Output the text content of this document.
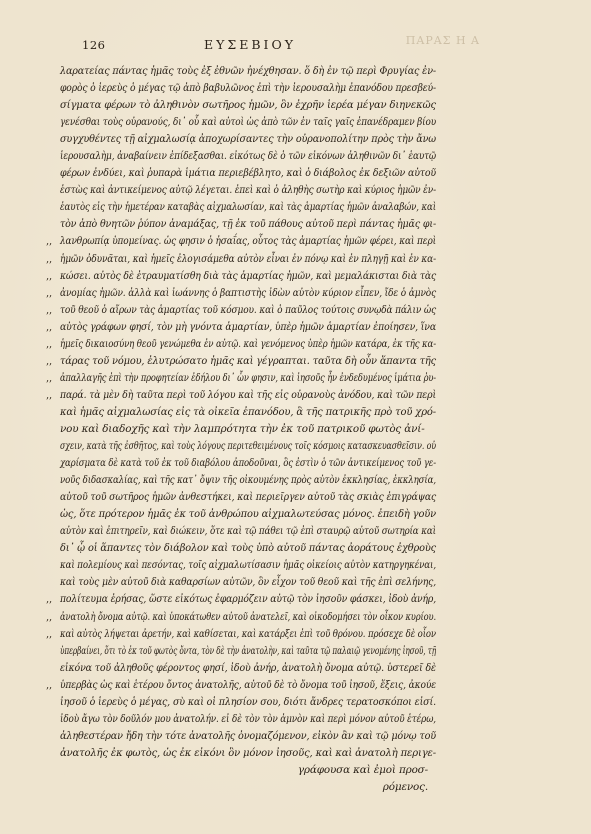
ΠΑΡΑΣ Η Α
126	ΕΥΣΕΒΙΟΥ
λαρατείας πάντας ἡμᾶς τοὺς ἐξ ἐθνῶν ἠνέχθησαν. ὅ δὴ ἐν τῷ περὶ Φρυγίας ἐν-
φορὸς ὁ ἱερεὺς ὁ μέγας τῷ ἀπὸ βαβυλῶνος ἐπὶ τὴν ἱερουσαλὴμ ἐπανόδου πρεσβεύ-
σίγματα φέρων τὸ ἀληθινὸν σωτῆρος ἡμῶν, ὃν ἐχρῆν ἱερέα μέγαν διηνεκῶς
γενέσθαι τοὺς οὐρανούς, δι᾽ οὗ καὶ αὐτοὶ ὡς ἀπὸ τῶν ἐν ταῖς γαῖς ἐπανέδραμεν βίου
συγχυθέντες τῇ αἰχμαλωσίᾳ ἀποχωρίσαντες τὴν οὐρανοπολίτην πρὸς τὴν ἄνω
ἱερουσαλὴμ, ἀναβαίνειν ἐπίδεξασθαι. εἰκότως δὲ ὁ τῶν εἰκόνων ἀληθινῶν δι᾽ ἑαυτῷ
φέρων ἐνδύει, καὶ ῥυπαρὰ ἱμάτια περιεβέβλητο, καὶ ὁ διάβολος ἐκ δεξιῶν αὐτοῦ
ἑστὼς καὶ ἀντικείμενος αὐτῷ λέγεται. ἐπεὶ καὶ ὁ ἀληθὴς σωτὴρ καὶ κύριος ἡμῶν ἐν-
ἑαυτὸς εἰς τὴν ἡμετέραν καταβὰς αἰχμαλωσίαν, καὶ τὰς ἁμαρτίας ἡμῶν ἀναλαβών, καὶ
τὸν ἀπὸ θνητῶν ῥύπον ἀναμάξας, τῇ ἐκ τοῦ πάθους αὐτοῦ περὶ πάντας ἡμᾶς φι-
,, λανθρωπίᾳ ὑπομείνας. ὡς φησιν ὁ ἠσαΐας, οὗτος τὰς ἁμαρτίας ἡμῶν φέρει, καὶ περὶ
,, ἡμῶν ὀδυνᾶται, καὶ ἡμεῖς ἐλογισάμεθα αὐτὸν εἶναι ἐν πόνῳ καὶ ἐν πληγῇ καὶ ἐν κα-
,, κώσει. αὐτὸς δὲ ἐτραυματίσθη διὰ τὰς ἁμαρτίας ἡμῶν, καὶ μεμαλάκισται διὰ τὰς
,, ἀνομίας ἡμῶν. ἀλλὰ καὶ ἰωάννης ὁ βαπτιστὴς ἰδὼν αὐτὸν κύριον εἶπεν, ἴδε ὁ ἀμνὸς
,, τοῦ θεοῦ ὁ αἴρων τὰς ἁμαρτίας τοῦ κόσμου. καὶ ὁ παῦλος τούτοις συνῳδὰ πάλιν ὡς
,, αὐτὸς γράφων φησί, τὸν μὴ γνόντα ἁμαρτίαν, ὑπὲρ ἡμῶν ἁμαρτίαν ἐποίησεν, ἵνα
,, ἡμεῖς δικαιοσύνη θεοῦ γενώμεθα ἐν αὐτῷ. καὶ γενόμενος ὑπὲρ ἡμῶν κατάρα, ἐκ τῆς κα-
,, τάρας τοῦ νόμου, ἐλυτρώσατο ἡμᾶς καὶ γέγραπται. ταῦτα δὴ οὖν ἅπαντα τῆς
,, ἀπαλλαγῆς ἐπὶ τὴν προφητείαν ἐδήλου δι᾽ ὧν φησιν, καὶ ἰησοῦς ἦν ἐνδεδυμένος ἱμάτια ῥυ-
,, παρά. τὰ μὲν δὴ ταῦτα περὶ τοῦ λόγου καὶ τῆς εἰς οὐρανοὺς ἀνόδου, καὶ τῶν περὶ
καὶ ἡμᾶς αἰχμαλωσίας εἰς τὰ οἰκεῖα ἐπανόδου, ἃ τῆς πατρικῆς πρὸ τοῦ χρό-
νου καὶ διαδοχῆς καὶ τὴν λαμπρότητα τὴν ἐκ τοῦ πατρικοῦ φωτὸς ἀνί-
σχειν, κατὰ τῆς ἐσθῆτος, καὶ τοὺς λόγους περιτεθειμένους τοῖς κόσμοις κατασκευασθεῖσιν. οὐ
χαρίσματα δὲ κατὰ τοῦ ἐκ τοῦ διαβόλου ἀποδοῦναι, ὃς ἐστὶν ὁ τῶν ἀντικείμενος τοῦ γε-
νοῦς διδασκαλίας, καὶ τῆς κατ᾽ ὄψιν τῆς οἰκουμένης πρὸς αὐτὸν ἐκκλησίας, ἐκκλησία,
αὐτοῦ τοῦ σωτῆρος ἡμῶν ἀνθεστήκει, καὶ περιεῖργεν αὐτοῦ τὰς σκιὰς ἐπιγράψας
ὡς, ὅτε πρότερον ἡμᾶς ἐκ τοῦ ἀνθρώπου αἰχμαλωτεύσας μόνος. ἐπειδὴ γοῦν
αὐτὸν καὶ ἐπιτηρεῖν, καὶ διώκειν, ὅτε καὶ τῷ πάθει τῷ ἐπὶ σταυρῷ αὐτοῦ σωτηρία καὶ
δι᾽ ᾧ οἱ ἅπαντες τὸν διάβολον καὶ τοὺς ὑπὸ αὐτοῦ πάντας ἀοράτους ἐχθροὺς
καὶ πολεμίους καὶ πεσόντας, τοῖς αἰχμαλωτίσασιν ἡμᾶς οἰκείοις αὐτὸν κατηργηκέναι,
καὶ τοὺς μὲν αὐτοῦ διὰ καθαρσίων αὐτῶν, ὃν εἶχον τοῦ θεοῦ καὶ τῆς ἐπὶ σελήνης,
,, πολίτευμα ἐρήσας, ὥστε εἰκότως ἐφαρμόζειν αὐτῷ τὸν ἰησοῦν φάσκει, ἰδοὺ ἀνήρ,
,, ἀνατολὴ ὄνομα αὐτῷ. καὶ ὑποκάτωθεν αὐτοῦ ἀνατελεῖ, καὶ οἰκοδομήσει τὸν οἶκον κυρίου.
,, καὶ αὐτὸς λήψεται ἀρετήν, καὶ καθίσεται, καὶ κατάρξει ἐπὶ τοῦ θρόνου. πρόσεχε δὲ οἷον
ὑπερβαίνει, ὅτι τὸ ἐκ τοῦ φωτὸς ὄντα, τὸν δὲ τὴν ἀνατολὴν, καὶ ταῦτα τῷ παλαιῷ γενομένης ἰησοῦ, τῇ
εἰκόνα τοῦ ἀληθοῦς φέροντος φησί, ἰδοὺ ἀνήρ, ἀνατολὴ ὄνομα αὐτῷ. ὑστερεῖ δὲ
,, ὑπερβὰς ὡς καὶ ἑτέρου ὄντος ἀνατολῆς, αὐτοῦ δὲ τὸ ὄνομα τοῦ ἰησοῦ, ἕξεις, ἀκούε
ἰησοῦ ὁ ἱερεὺς ὁ μέγας, σὺ καὶ οἱ πλησίον σου, διότι ἄνδρες τερατοσκόποι εἰσί.
ἰδοὺ ἄγω τὸν δοῦλόν μου ἀνατολήν. εἰ δὲ τὸν τὸν ἀμνὸν καὶ περὶ μόνον αὐτοῦ ἑτέρω,
ἀληθεστέραν ἤδη τὴν τότε ἀνατολῆς ὀνομαζόμενον, εἰκὸν ἂν καὶ τῷ μόνῳ τοῦ
ἀνατολῆς ἐκ φωτὸς, ὡς ἐκ εἰκόνι ὃν μόνον ἰησοῦς, καὶ καὶ ἀνατολὴ περιγε-
γράφουσα καὶ ἐμοὶ προσ-
ρόμενος.
